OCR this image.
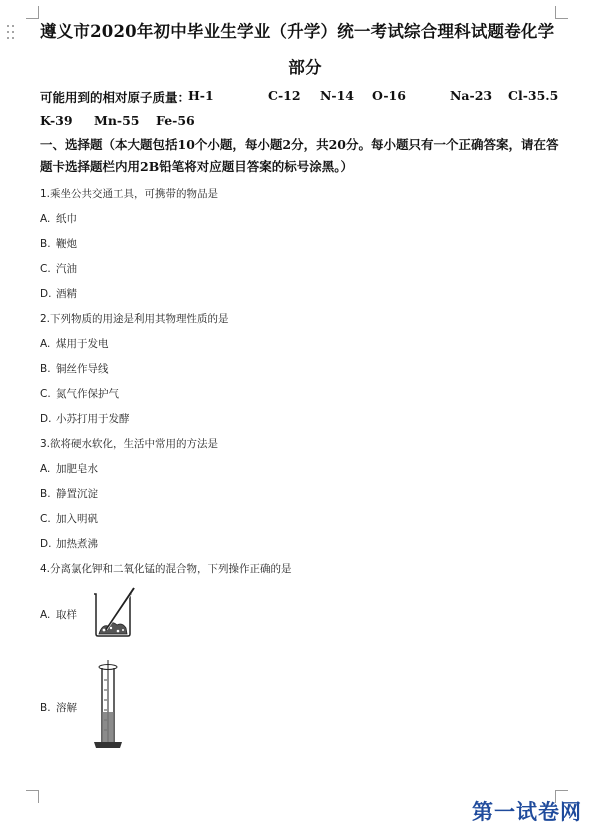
遵义市2020年初中毕业生学业（升学）统一考试综合理科试题卷化学
部分
可能用到的相对原子质量：
H-1	C-12 N-14 O-16	Na-23 Cl-35.5
K-39 Mn-55 Fe-56
一、选择题（本大题包括10个小题，每小题2分，共20分。每小题只有一个正确答案，请在答题卡选择题栏内用2B铅笔将对应题目答案的标号涂黑。）
1.乘坐公共交通工具，可携带的物品是
A. 纸巾
B. 鞭炮
C. 汽油
D. 酒精
2.下列物质的用途是利用其物理性质的是
A. 煤用于发电
B. 铜丝作导线
C. 氮气作保护气
D. 小苏打用于发酵
3.欲将硬水软化，生活中常用的方法是
A. 加肥皂水
B. 静置沉淀
C. 加入明矾
D. 加热煮沸
4.分离氯化钾和二氧化锰的混合物，下列操作正确的是
A. 取样
B. 溶解
第一试卷网
